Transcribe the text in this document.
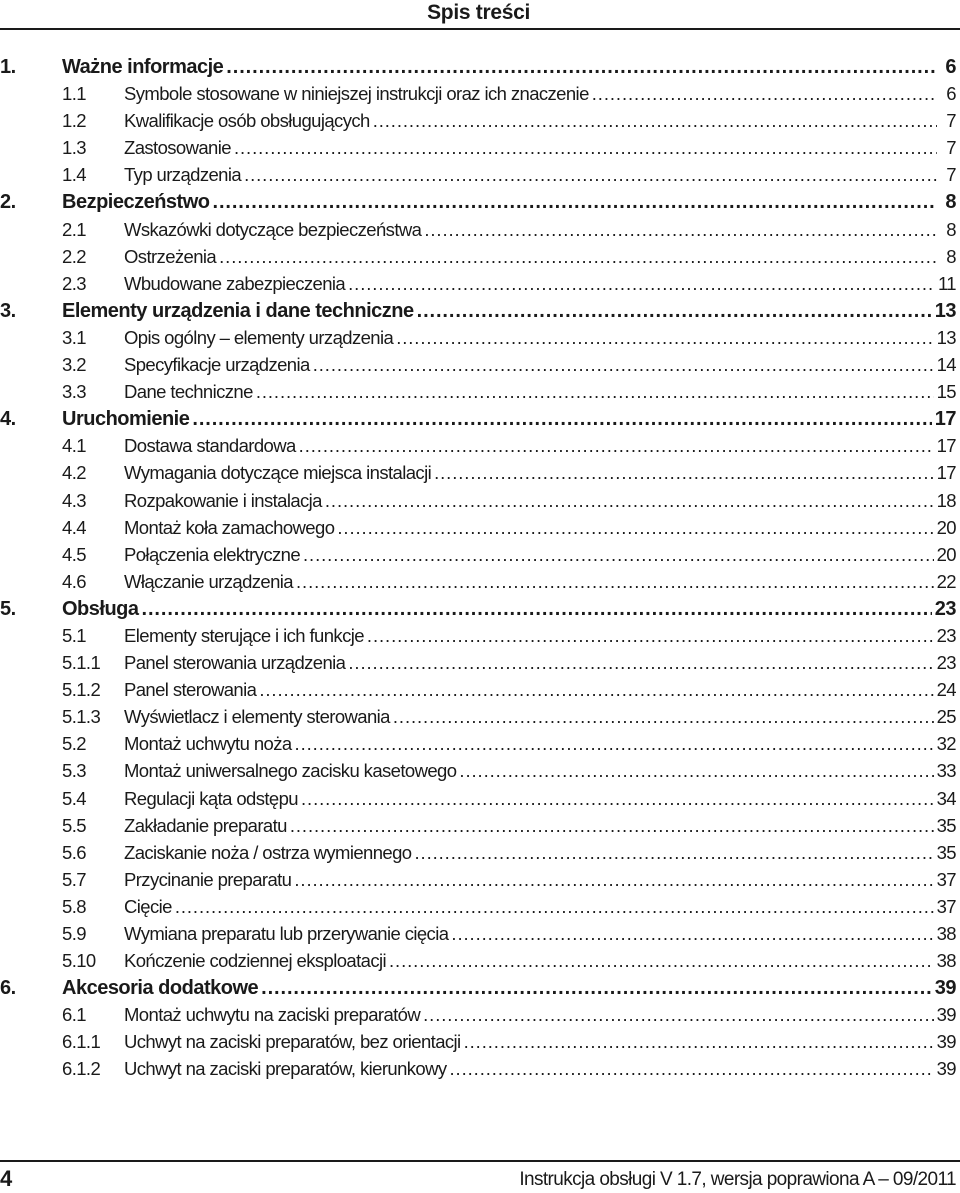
Spis treści
1.	Ważne informacje .....	6
1.1	Symbole stosowane w niniejszej instrukcji oraz ich znaczenie .....	6
1.2	Kwalifikacje osób obsługujących .....	7
1.3	Zastosowanie .....	7
1.4	Typ urządzenia .....	7
2.	Bezpieczeństwo .....	8
2.1	Wskazówki dotyczące bezpieczeństwa .....	8
2.2	Ostrzeżenia .....	8
2.3	Wbudowane zabezpieczenia .....	11
3.	Elementy urządzenia i dane techniczne .....	13
3.1	Opis ogólny – elementy urządzenia .....	13
3.2	Specyfikacje urządzenia .....	14
3.3	Dane techniczne .....	15
4.	Uruchomienie .....	17
4.1	Dostawa standardowa .....	17
4.2	Wymagania dotyczące miejsca instalacji .....	17
4.3	Rozpakowanie i instalacja .....	18
4.4	Montaż koła zamachowego .....	20
4.5	Połączenia elektryczne .....	20
4.6	Włączanie urządzenia .....	22
5.	Obsługa .....	23
5.1	Elementy sterujące i ich funkcje .....	23
5.1.1	Panel sterowania urządzenia .....	23
5.1.2	Panel sterowania .....	24
5.1.3	Wyświetlacz i elementy sterowania .....	25
5.2	Montaż uchwytu noża .....	32
5.3	Montaż uniwersalnego zacisku kasetowego .....	33
5.4	Regulacji kąta odstępu .....	34
5.5	Zakładanie preparatu .....	35
5.6	Zaciskanie noża / ostrza wymiennego .....	35
5.7	Przycinanie preparatu .....	37
5.8	Cięcie .....	37
5.9	Wymiana preparatu lub przerywanie cięcia .....	38
5.10	Kończenie codziennej eksploatacji .....	38
6.	Akcesoria dodatkowe .....	39
6.1	Montaż uchwytu na zaciski preparatów .....	39
6.1.1	Uchwyt na zaciski preparatów, bez orientacji .....	39
6.1.2	Uchwyt na zaciski preparatów, kierunkowy .....	39
4	Instrukcja obsługi V 1.7, wersja poprawiona A – 09/2011
